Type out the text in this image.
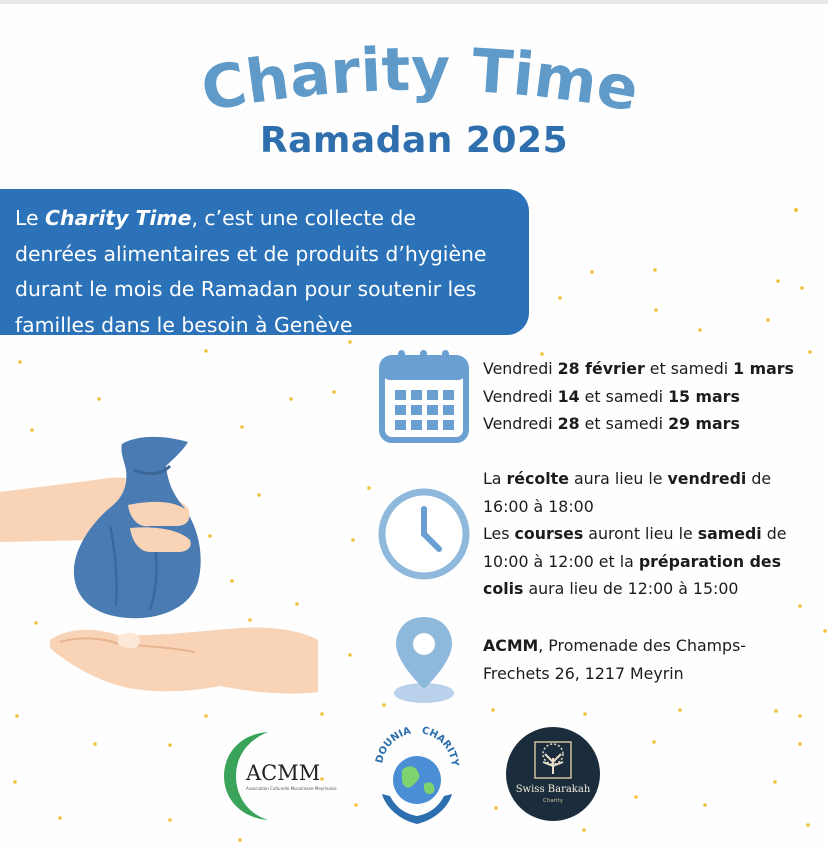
Charity Time
Ramadan 2025

Le Charity Time, c’est une collecte de

denrées alimentaires et de produits d’hygiène

durant le mois de Ramadan pour soutenir les

familles dans le besoin à Genève

Vendredi 28 février et samedi 1 mars

Vendredi 14 et samedi 15 mars

Vendredi 28 et samedi 29 mars

La récolte aura lieu le vendredi de

16:00 à 18:00

Les courses auront lieu le samedi de

10:00 à 12:00 et la préparation des

colis aura lieu de 12:00 à 15:00

ACMM, Promenade des Champs-

Frechets 26, 1217 Meyrin

ACMM
Association Culturelle Musulmane Meyrinoise
DOUNIA CHARITY
Swiss Barakah
Charity
